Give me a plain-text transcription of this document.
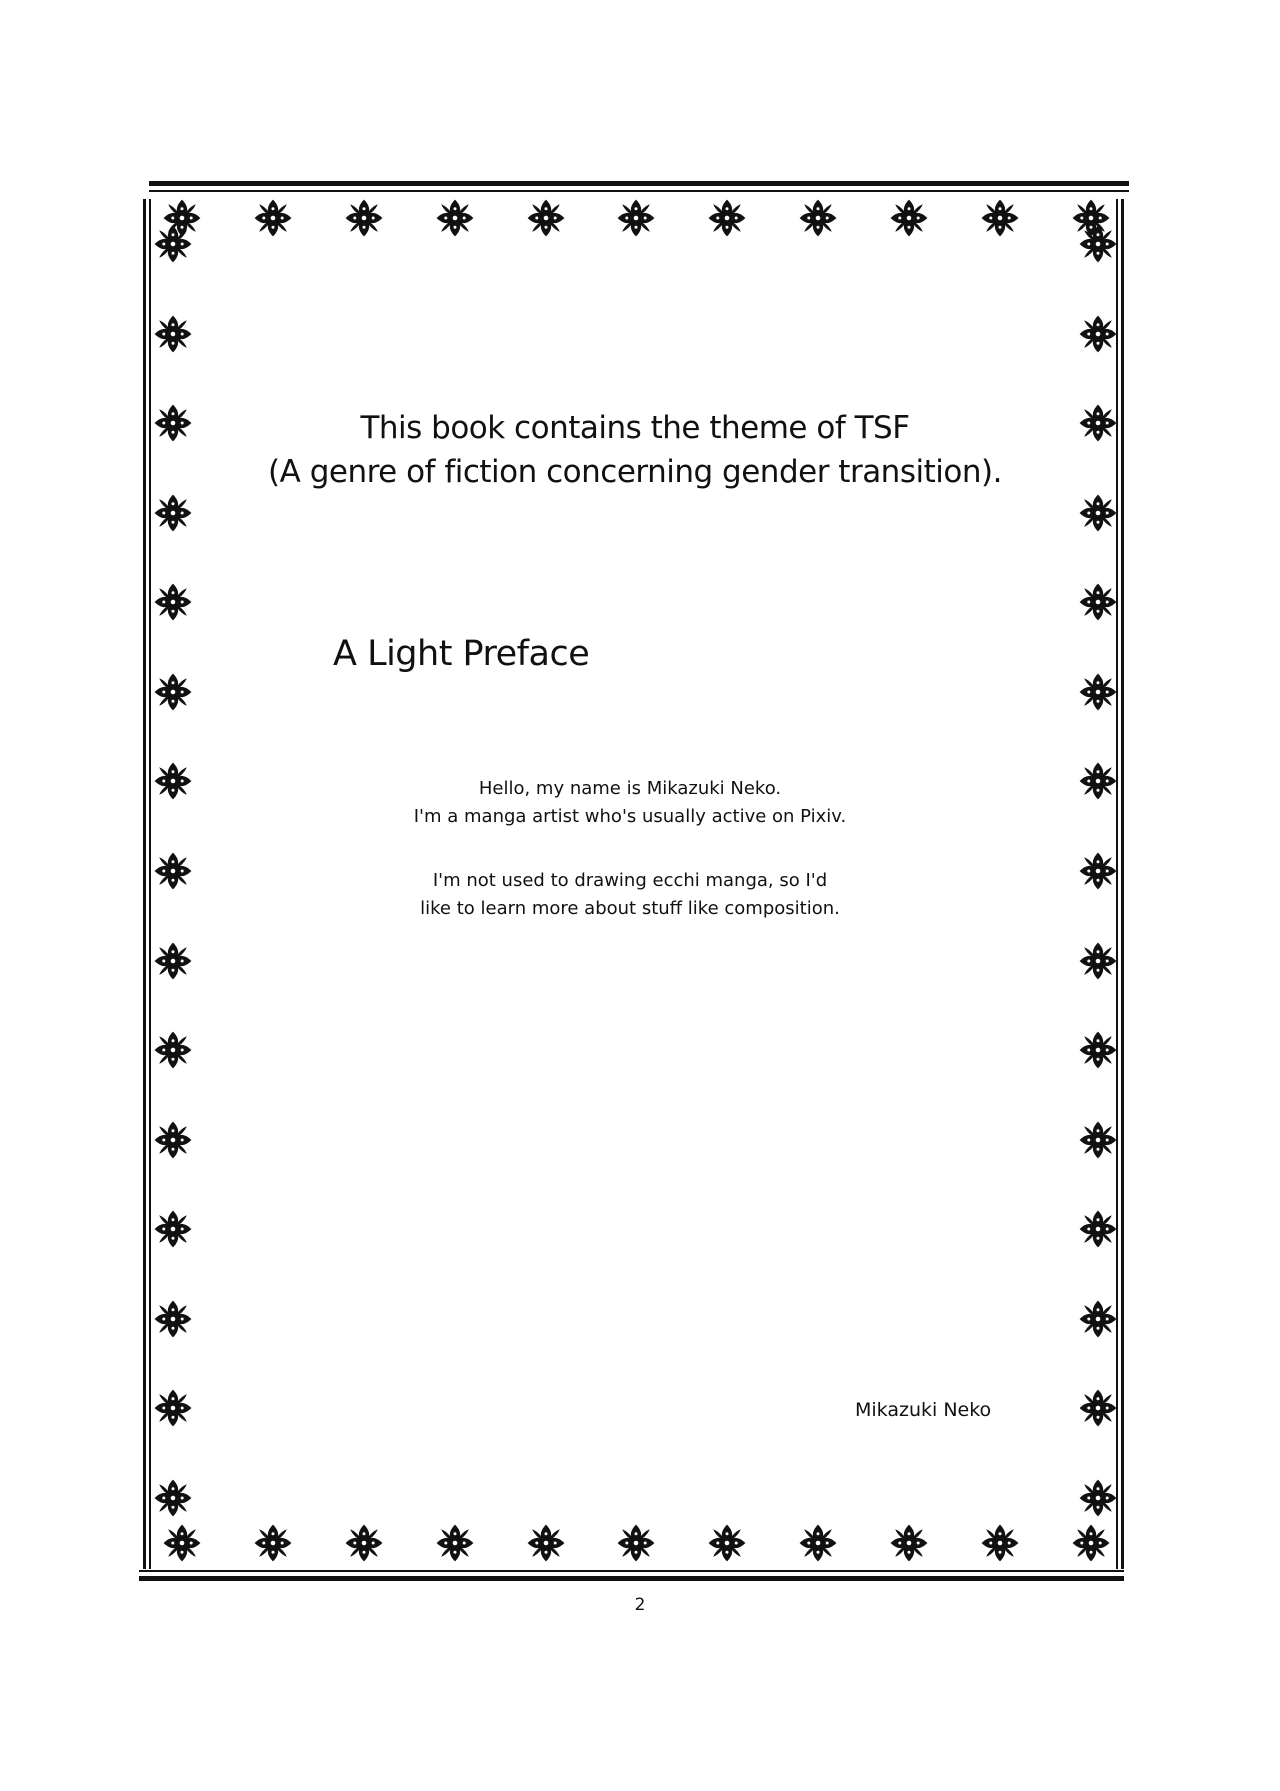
This book contains the theme of TSF
(A genre of fiction concerning gender transition).
A Light Preface
Hello, my name is Mikazuki Neko.
I'm a manga artist who's usually active on Pixiv.
I'm not used to drawing ecchi manga, so I'd
like to learn more about stuff like composition.
Mikazuki Neko
2
